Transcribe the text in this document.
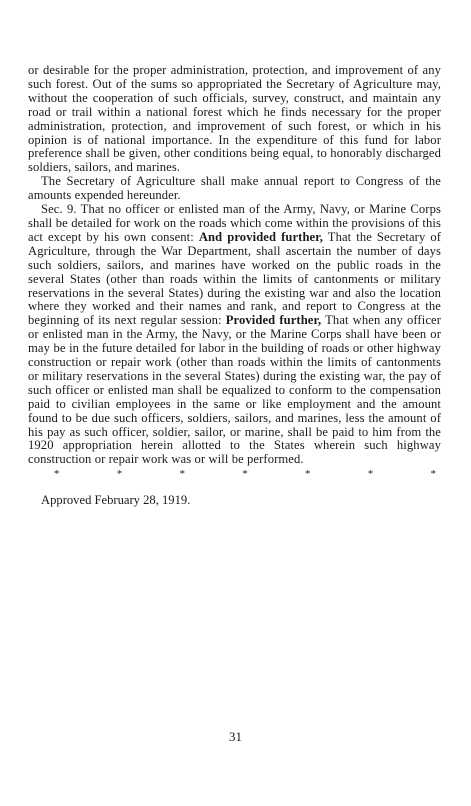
or desirable for the proper administration, protection, and improvement of any such forest. Out of the sums so appropriated the Secretary of Agriculture may, without the cooperation of such officials, survey, construct, and maintain any road or trail within a national forest which he finds necessary for the proper administration, protection, and improvement of such forest, or which in his opinion is of national importance. In the expenditure of this fund for labor preference shall be given, other conditions being equal, to honorably discharged soldiers, sailors, and marines.

The Secretary of Agriculture shall make annual report to Congress of the amounts expended hereunder.

Sec. 9. That no officer or enlisted man of the Army, Navy, or Marine Corps shall be detailed for work on the roads which come within the provisions of this act except by his own consent: And provided further, That the Secretary of Agriculture, through the War Department, shall ascertain the number of days such soldiers, sailors, and marines have worked on the public roads in the several States (other than roads within the limits of cantonments or military reservations in the several States) during the existing war and also the location where they worked and their names and rank, and report to Congress at the beginning of its next regular session: Provided further, That when any officer or enlisted man in the Army, the Navy, or the Marine Corps shall have been or may be in the future detailed for labor in the building of roads or other highway construction or repair work (other than roads within the limits of cantonments or military reservations in the several States) during the existing war, the pay of such officer or enlisted man shall be equalized to conform to the compensation paid to civilian employees in the same or like employment and the amount found to be due such officers, soldiers, sailors, and marines, less the amount of his pay as such officer, soldier, sailor, or marine, shall be paid to him from the 1920 appropriation herein allotted to the States wherein such highway construction or repair work was or will be performed.

*	*	*	*	*	*	*

Approved February 28, 1919.

31
